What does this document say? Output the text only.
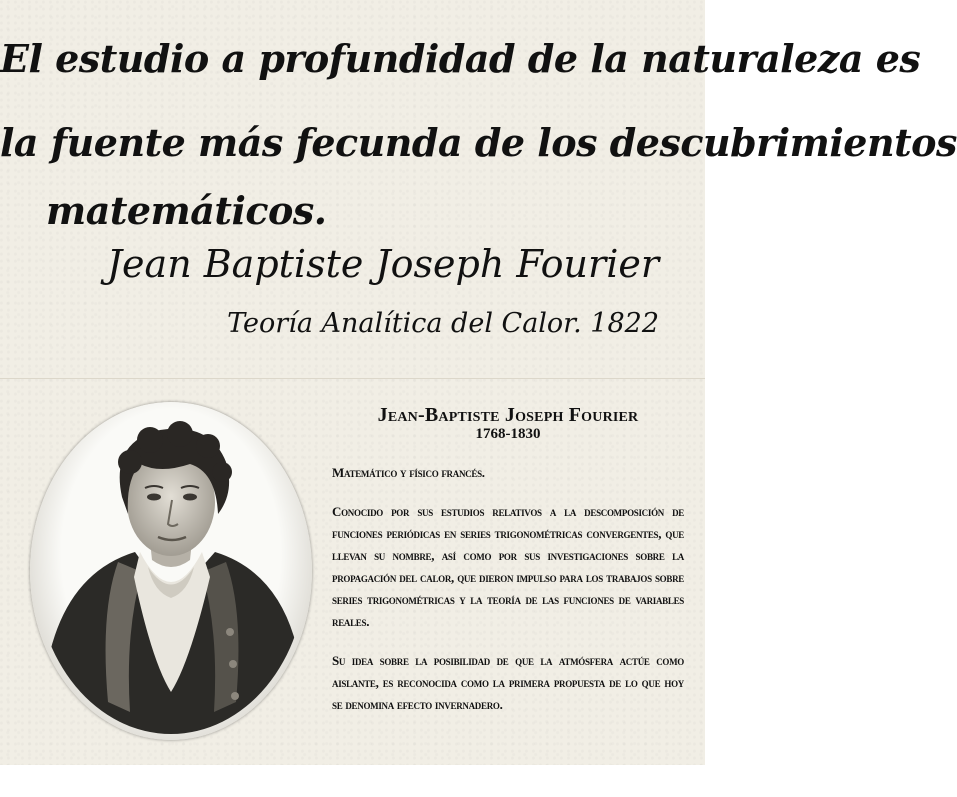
El estudio a profundidad de la naturaleza es
la fuente más fecunda de los descubrimientos
matemáticos.
Jean Baptiste Joseph Fourier
Teoría Analítica del Calor. 1822
Jean-Baptiste Joseph Fourier
1768-1830

Matemático y físico francés.

Conocido por sus estudios relativos a la descomposición de funciones periódicas en series trigonométricas convergentes, que llevan su nombre, así como por sus investigaciones sobre la propagación del calor, que dieron impulso para los trabajos sobre series trigonométricas y la teoría de las funciones de variables reales.

Su idea sobre la posibilidad de que la atmósfera actúe como aislante, es reconocida como la primera propuesta de lo que hoy se denomina efecto invernadero.
